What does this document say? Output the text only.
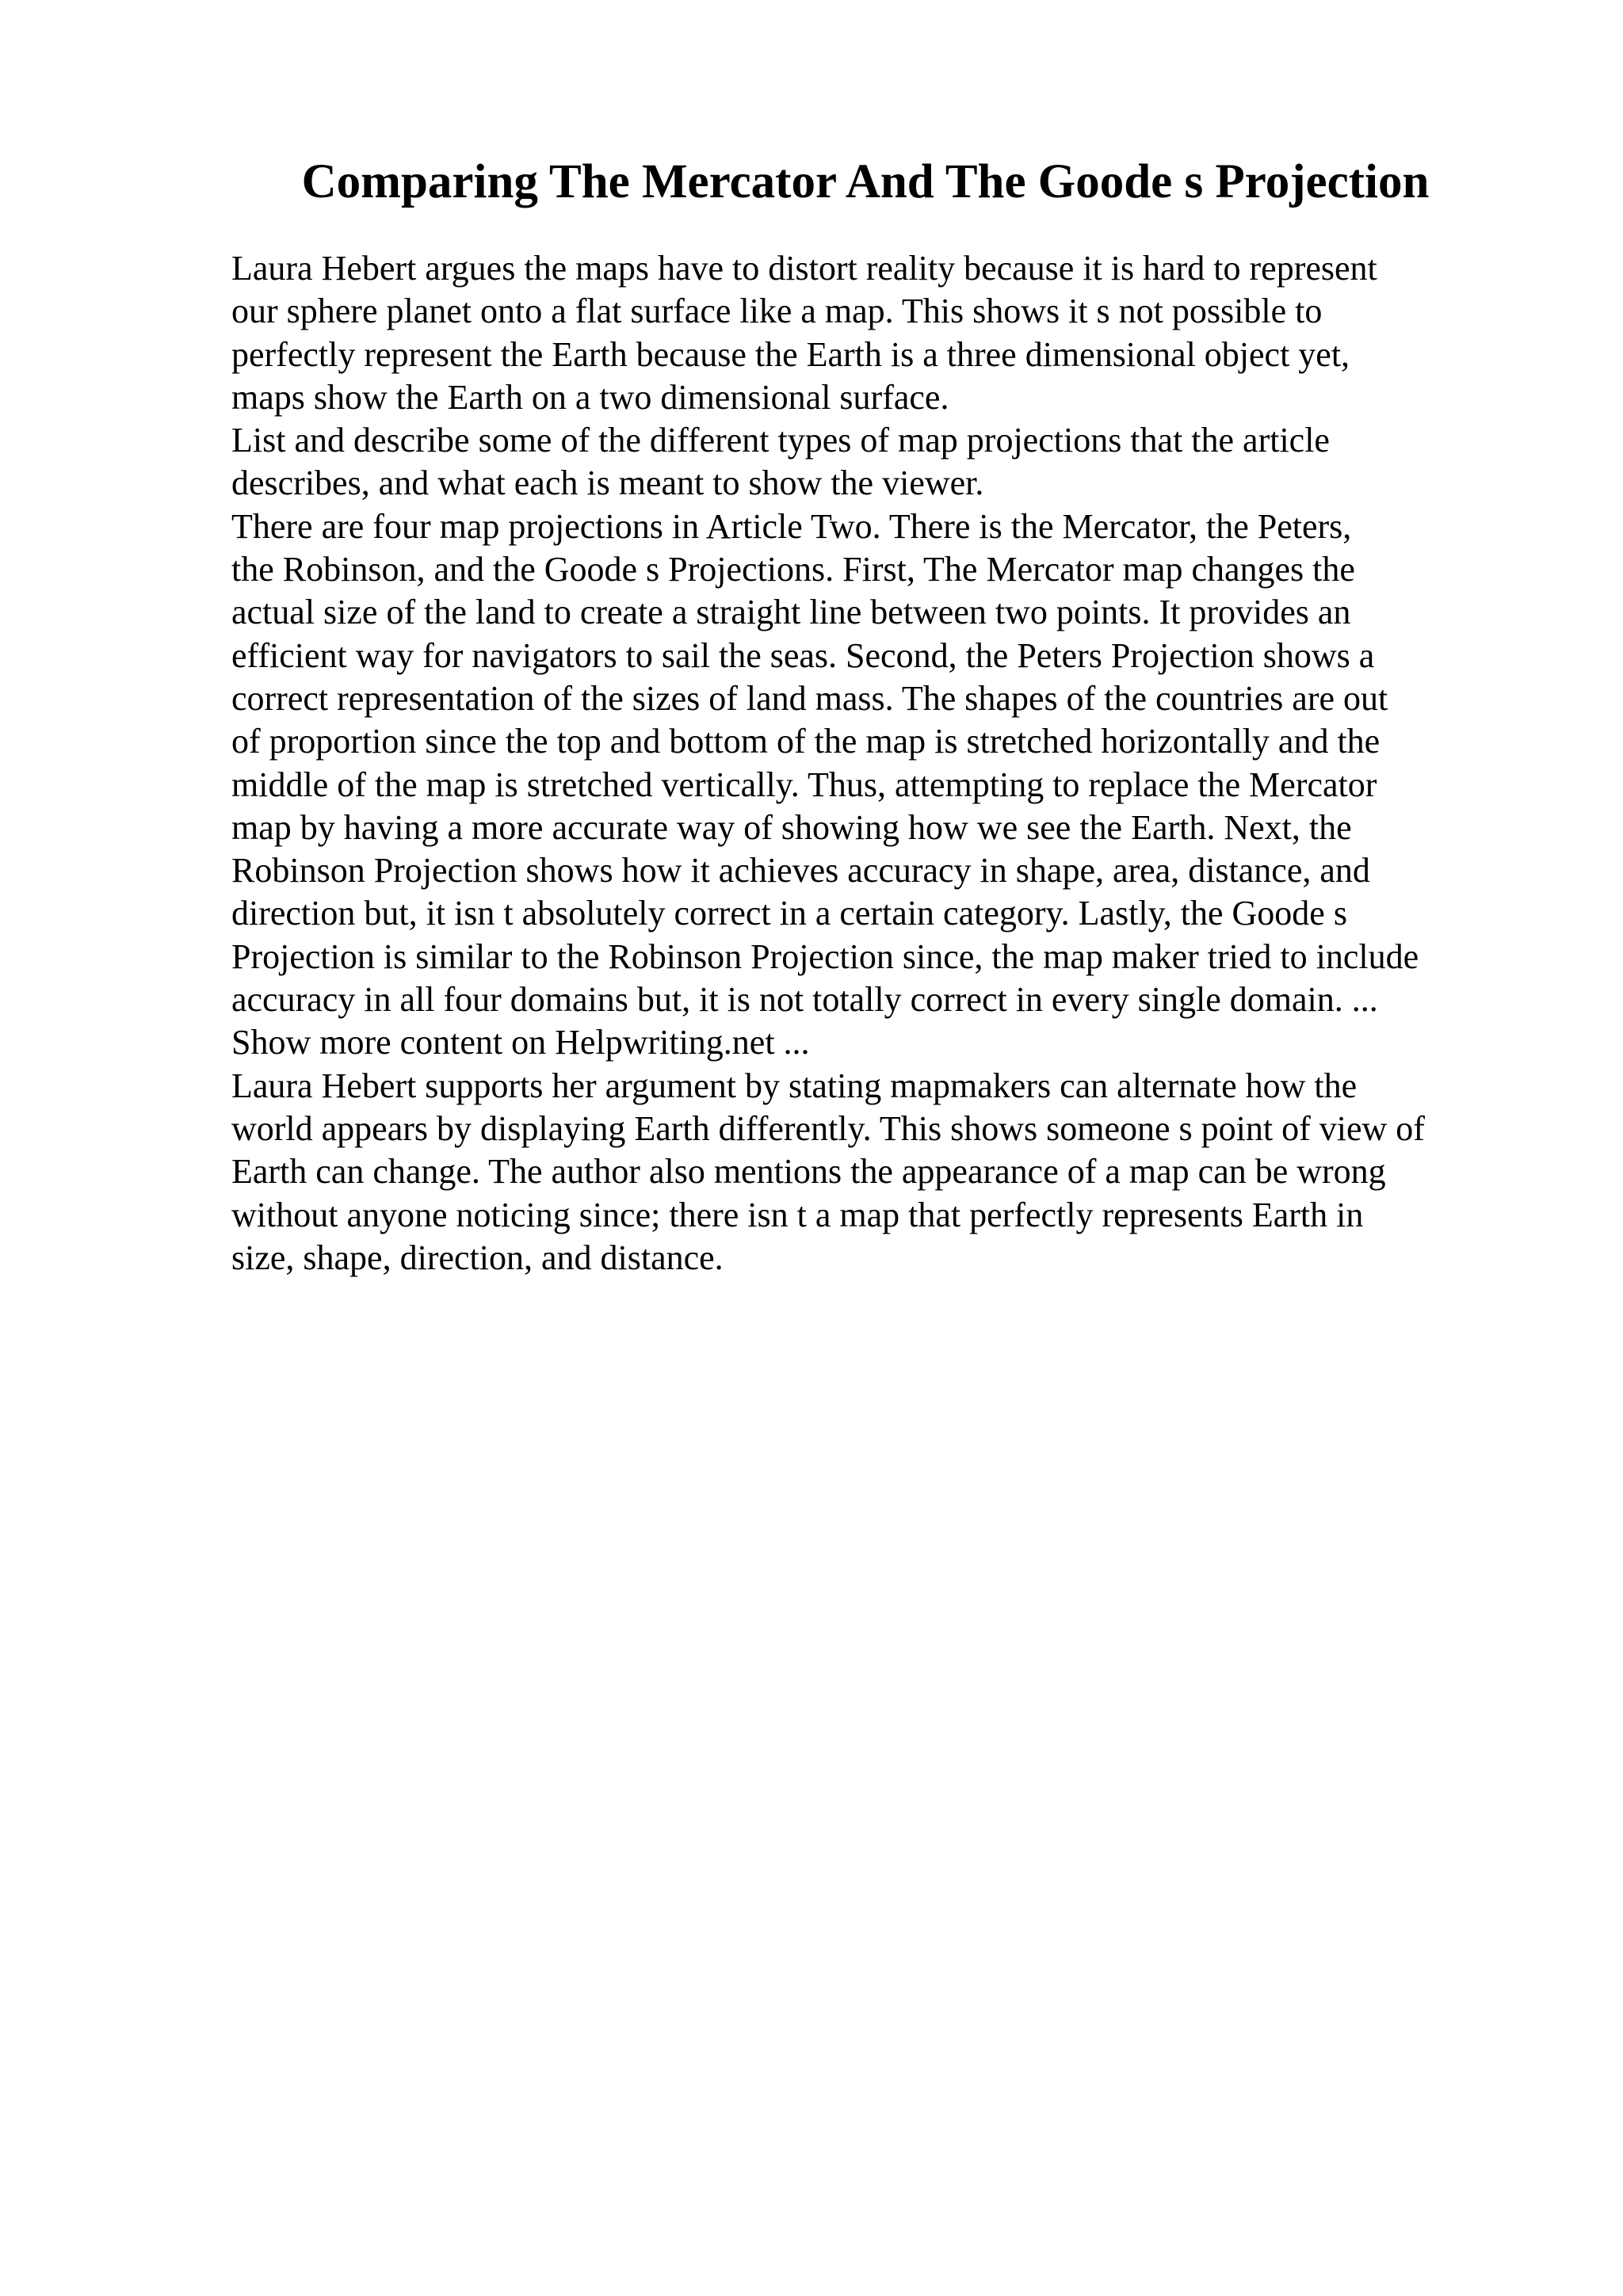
Comparing The Mercator And The Goode s Projection
Laura Hebert argues the maps have to distort reality because it is hard to represent
our sphere planet onto a flat surface like a map. This shows it s not possible to
perfectly represent the Earth because the Earth is a three dimensional object yet,
maps show the Earth on a two dimensional surface.
List and describe some of the different types of map projections that the article
describes, and what each is meant to show the viewer.
There are four map projections in Article Two. There is the Mercator, the Peters,
the Robinson, and the Goode s Projections. First, The Mercator map changes the
actual size of the land to create a straight line between two points. It provides an
efficient way for navigators to sail the seas. Second, the Peters Projection shows a
correct representation of the sizes of land mass. The shapes of the countries are out
of proportion since the top and bottom of the map is stretched horizontally and the
middle of the map is stretched vertically. Thus, attempting to replace the Mercator
map by having a more accurate way of showing how we see the Earth. Next, the
Robinson Projection shows how it achieves accuracy in shape, area, distance, and
direction but, it isn t absolutely correct in a certain category. Lastly, the Goode s
Projection is similar to the Robinson Projection since, the map maker tried to include
accuracy in all four domains but, it is not totally correct in every single domain. ...
Show more content on Helpwriting.net ...
Laura Hebert supports her argument by stating mapmakers can alternate how the
world appears by displaying Earth differently. This shows someone s point of view of
Earth can change. The author also mentions the appearance of a map can be wrong
without anyone noticing since; there isn t a map that perfectly represents Earth in
size, shape, direction, and distance.
